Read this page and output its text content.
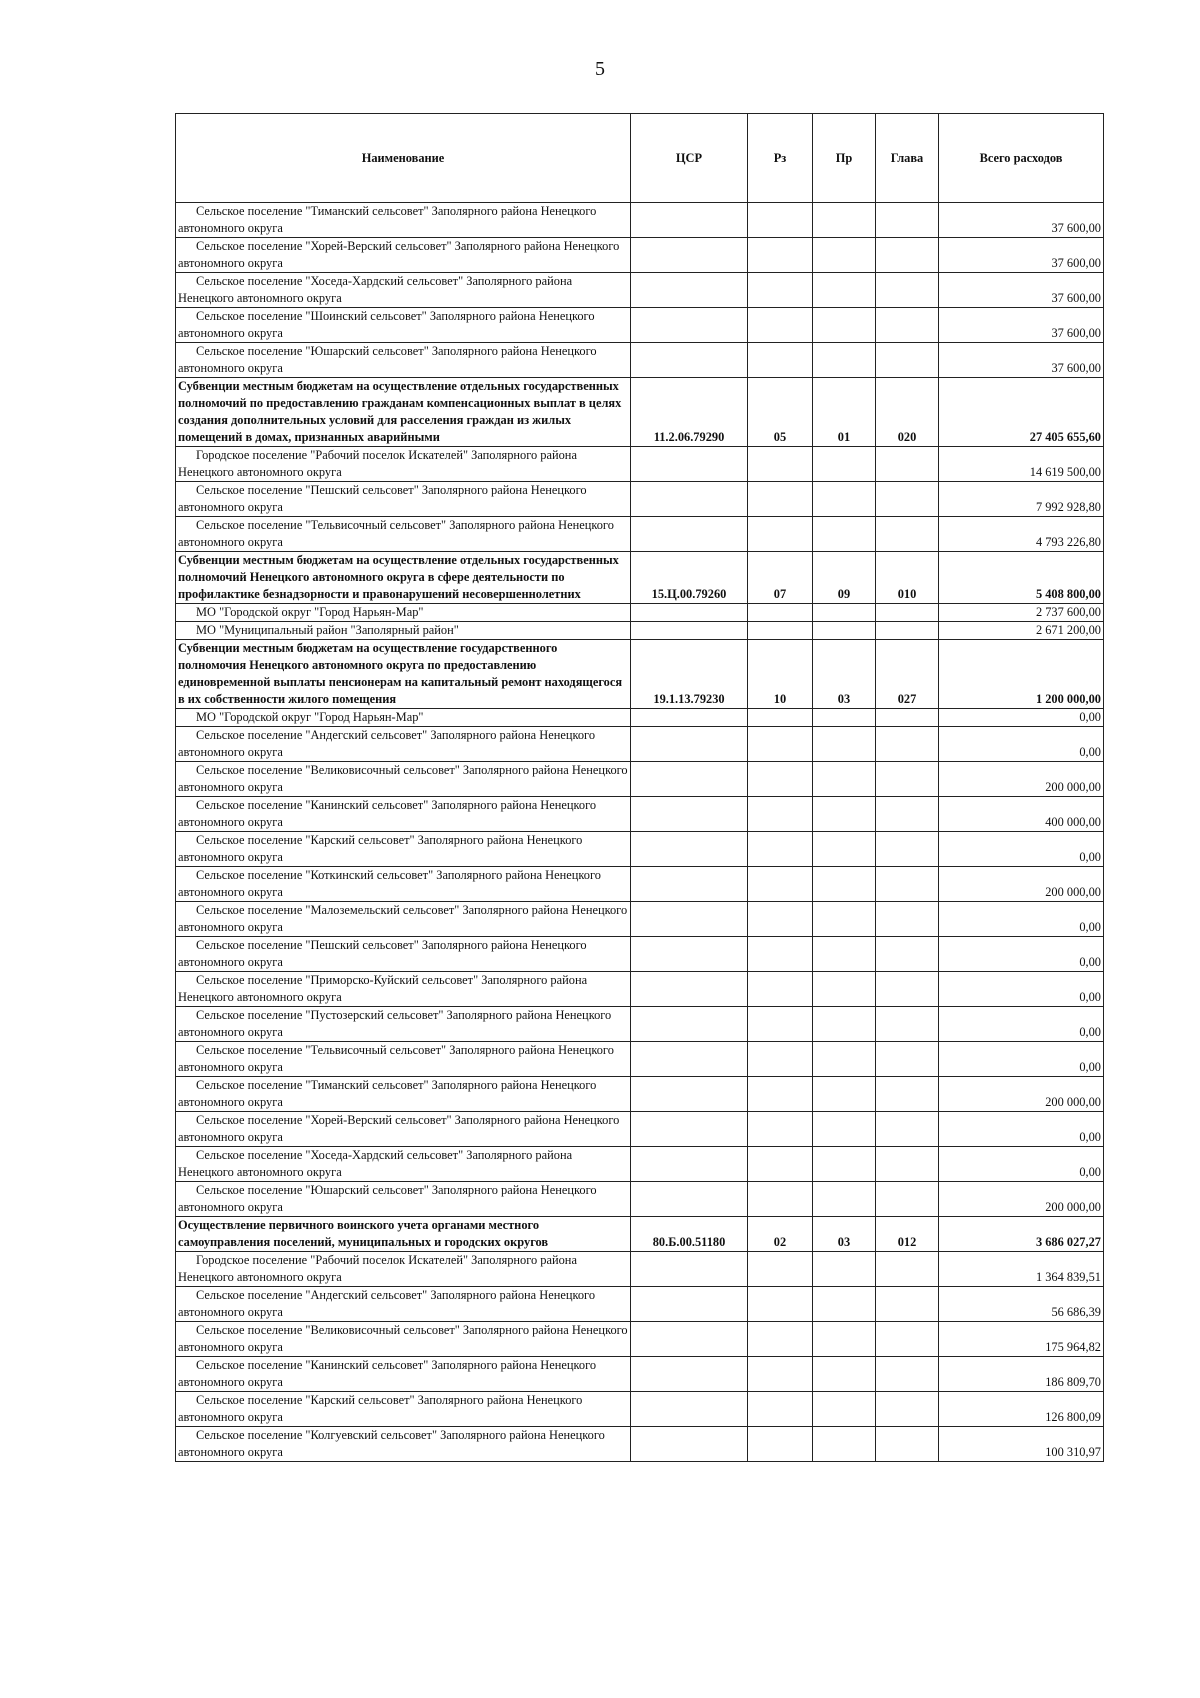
5
Наименование	ЦСР	Рз	Пр	Глава	Всего расходов
Сельское поселение "Тиманский сельсовет" Заполярного района Ненецкого автономного округа					37 600,00
Сельское поселение "Хорей-Верский сельсовет" Заполярного района Ненецкого автономного округа					37 600,00
Сельское поселение "Хоседа-Хардский сельсовет" Заполярного района Ненецкого автономного округа					37 600,00
Сельское поселение "Шоинский сельсовет" Заполярного района Ненецкого автономного округа					37 600,00
Сельское поселение "Юшарский сельсовет" Заполярного района Ненецкого автономного округа					37 600,00
Субвенции местным бюджетам на осуществление отдельных государственных полномочий по предоставлению гражданам компенсационных выплат в целях создания дополнительных условий для расселения граждан из жилых помещений в домах, признанных аварийными	11.2.06.79290	05	01	020	27 405 655,60
Городское поселение "Рабочий поселок Искателей" Заполярного района Ненецкого автономного округа					14 619 500,00
Сельское поселение "Пешский сельсовет" Заполярного района Ненецкого автономного округа					7 992 928,80
Сельское поселение "Тельвисочный сельсовет" Заполярного района Ненецкого автономного округа					4 793 226,80
Субвенции местным бюджетам на осуществление отдельных государственных полномочий Ненецкого автономного округа в сфере деятельности по профилактике безнадзорности и правонарушений несовершеннолетних	15.Ц.00.79260	07	09	010	5 408 800,00
МО "Городской округ "Город Нарьян-Мар"					2 737 600,00
МО "Муниципальный район "Заполярный район"					2 671 200,00
Субвенции местным бюджетам на осуществление государственного полномочия Ненецкого автономного округа по предоставлению единовременной выплаты пенсионерам на капитальный ремонт находящегося в их собственности жилого помещения	19.1.13.79230	10	03	027	1 200 000,00
МО "Городской округ "Город Нарьян-Мар"					0,00
Сельское поселение "Андегский сельсовет" Заполярного района Ненецкого автономного округа					0,00
Сельское поселение "Великовисочный сельсовет" Заполярного района Ненецкого автономного округа					200 000,00
Сельское поселение "Канинский сельсовет" Заполярного района Ненецкого автономного округа					400 000,00
Сельское поселение "Карский сельсовет" Заполярного района Ненецкого автономного округа					0,00
Сельское поселение "Коткинский сельсовет" Заполярного района Ненецкого автономного округа					200 000,00
Сельское поселение "Малоземельский сельсовет" Заполярного района Ненецкого автономного округа					0,00
Сельское поселение "Пешский сельсовет" Заполярного района Ненецкого автономного округа					0,00
Сельское поселение "Приморско-Куйский сельсовет" Заполярного района Ненецкого автономного округа					0,00
Сельское поселение "Пустозерский сельсовет" Заполярного района Ненецкого автономного округа					0,00
Сельское поселение "Тельвисочный сельсовет" Заполярного района Ненецкого автономного округа					0,00
Сельское поселение "Тиманский сельсовет" Заполярного района Ненецкого автономного округа					200 000,00
Сельское поселение "Хорей-Верский сельсовет" Заполярного района Ненецкого автономного округа					0,00
Сельское поселение "Хоседа-Хардский сельсовет" Заполярного района Ненецкого автономного округа					0,00
Сельское поселение "Юшарский сельсовет" Заполярного района Ненецкого автономного округа					200 000,00
Осуществление первичного воинского учета органами местного самоуправления поселений, муниципальных и городских округов	80.Б.00.51180	02	03	012	3 686 027,27
Городское поселение "Рабочий поселок Искателей" Заполярного района Ненецкого автономного округа					1 364 839,51
Сельское поселение "Андегский сельсовет" Заполярного района Ненецкого автономного округа					56 686,39
Сельское поселение "Великовисочный сельсовет" Заполярного района Ненецкого автономного округа					175 964,82
Сельское поселение "Канинский сельсовет" Заполярного района Ненецкого автономного округа					186 809,70
Сельское поселение "Карский сельсовет" Заполярного района Ненецкого автономного округа					126 800,09
Сельское поселение "Колгуевский сельсовет" Заполярного района Ненецкого автономного округа					100 310,97
